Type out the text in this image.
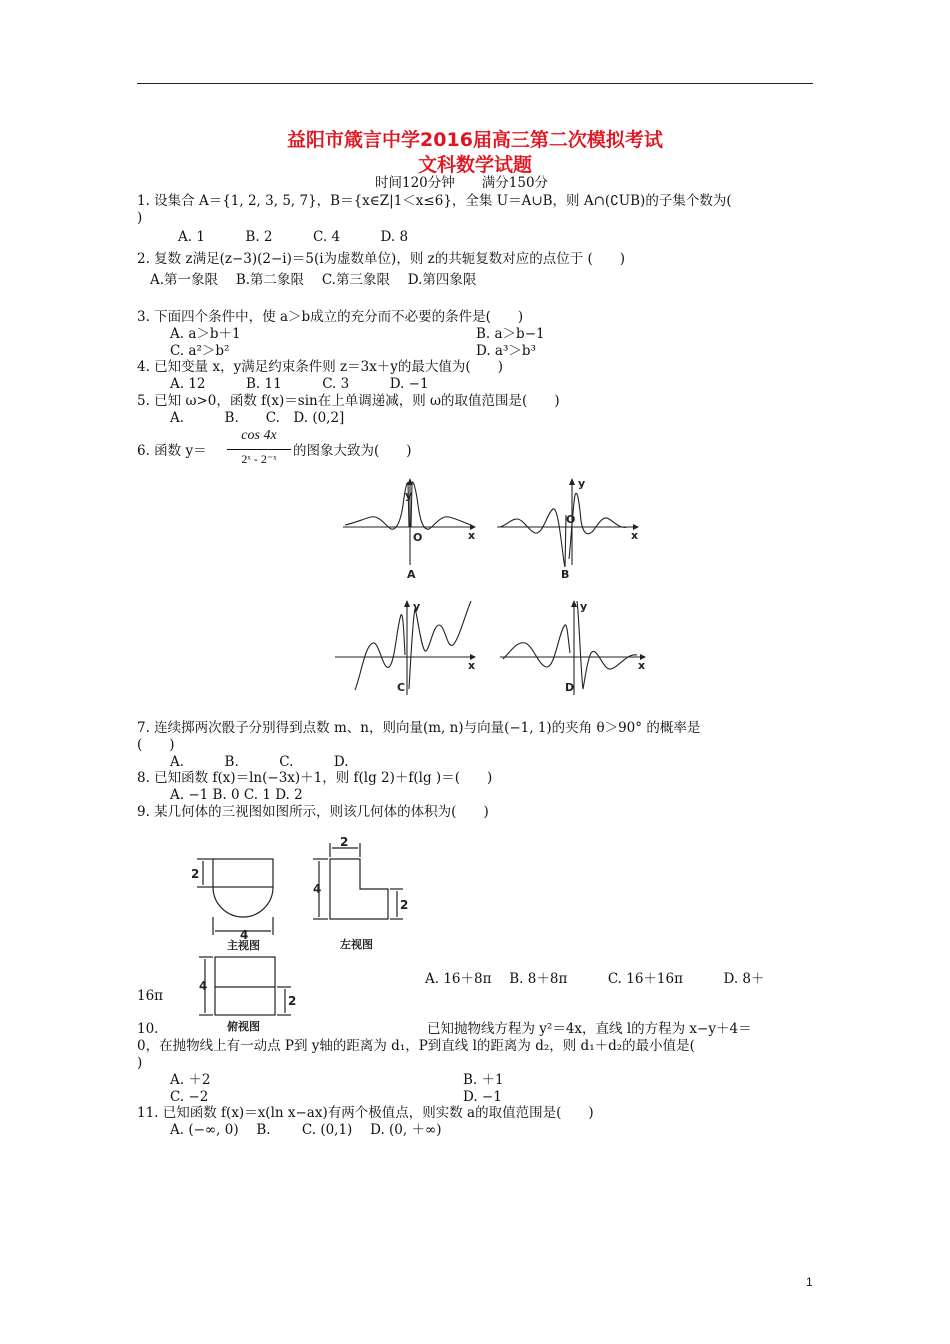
益阳市箴言中学2016届高三第二次模拟考试
文科数学试题
时间120分钟　　满分150分
1. 设集合 A＝{1, 2, 3, 5, 7}，B＝{x∈Z|1＜x≤6}，全集 U＝A∪B，则 A∩(∁UB)的子集个数为(
)
A. 1　　　B. 2　　　C. 4　　　D. 8
2. 复数 z满足(z−3)(2−i)＝5(i为虚数单位)，则 z的共轭复数对应的点位于 (　　)
A.第一象限　 B.第二象限　 C.第三象限　 D.第四象限
3. 下面四个条件中，使 a＞b成立的充分而不必要的条件是(　　)
A. a＞b＋1	B. a＞b−1
C. a²＞b²	D. a³＞b³
4. 已知变量 x，y满足约束条件则 z＝3x＋y的最大值为(　　)
A. 12　　　B. 11　　　C. 3　　　D. −1
5. 已知 ω>0，函数 f(x)＝sin在上单调递减，则 ω的取值范围是(　　)
A.　　　B.　　C.　D. (0,2]
6. 函数 y＝
cos 4x
2ˣ - 2⁻ˣ	的图象大致为(　　)
y
x
O
y
x
O
y
x
y
x
A	B
C	D
7. 连续掷两次骰子分别得到点数 m、n，则向量(m, n)与向量(−1, 1)的夹角 θ＞90° 的概率是
(　　)
A.　　　B.　　　C.　　　D.
8. 已知函数 f(x)＝ln(−3x)＋1，则 f(lg 2)＋f(lg )＝(　　)
A. −1 B. 0 C. 1 D. 2
9. 某几何体的三视图如图所示，则该几何体的体积为(　　)
2
4
2
4
2
4
2
主视图	左视图
俯视图
A. 16＋8π　 B. 8＋8π　　　C. 16＋16π　　　D. 8＋
16π
10.	已知抛物线方程为 y²＝4x，直线 l的方程为 x−y＋4＝
0，在抛物线上有一动点 P到 y轴的距离为 d₁，P到直线 l的距离为 d₂，则 d₁＋d₂的最小值是(
)
A. ＋2	B. ＋1
C. −2	D. −1
11. 已知函数 f(x)＝x(ln x−ax)有两个极值点，则实数 a的取值范围是(　　)
A. (−∞, 0)　 B.　　 C. (0,1)　 D. (0, ＋∞)
1
